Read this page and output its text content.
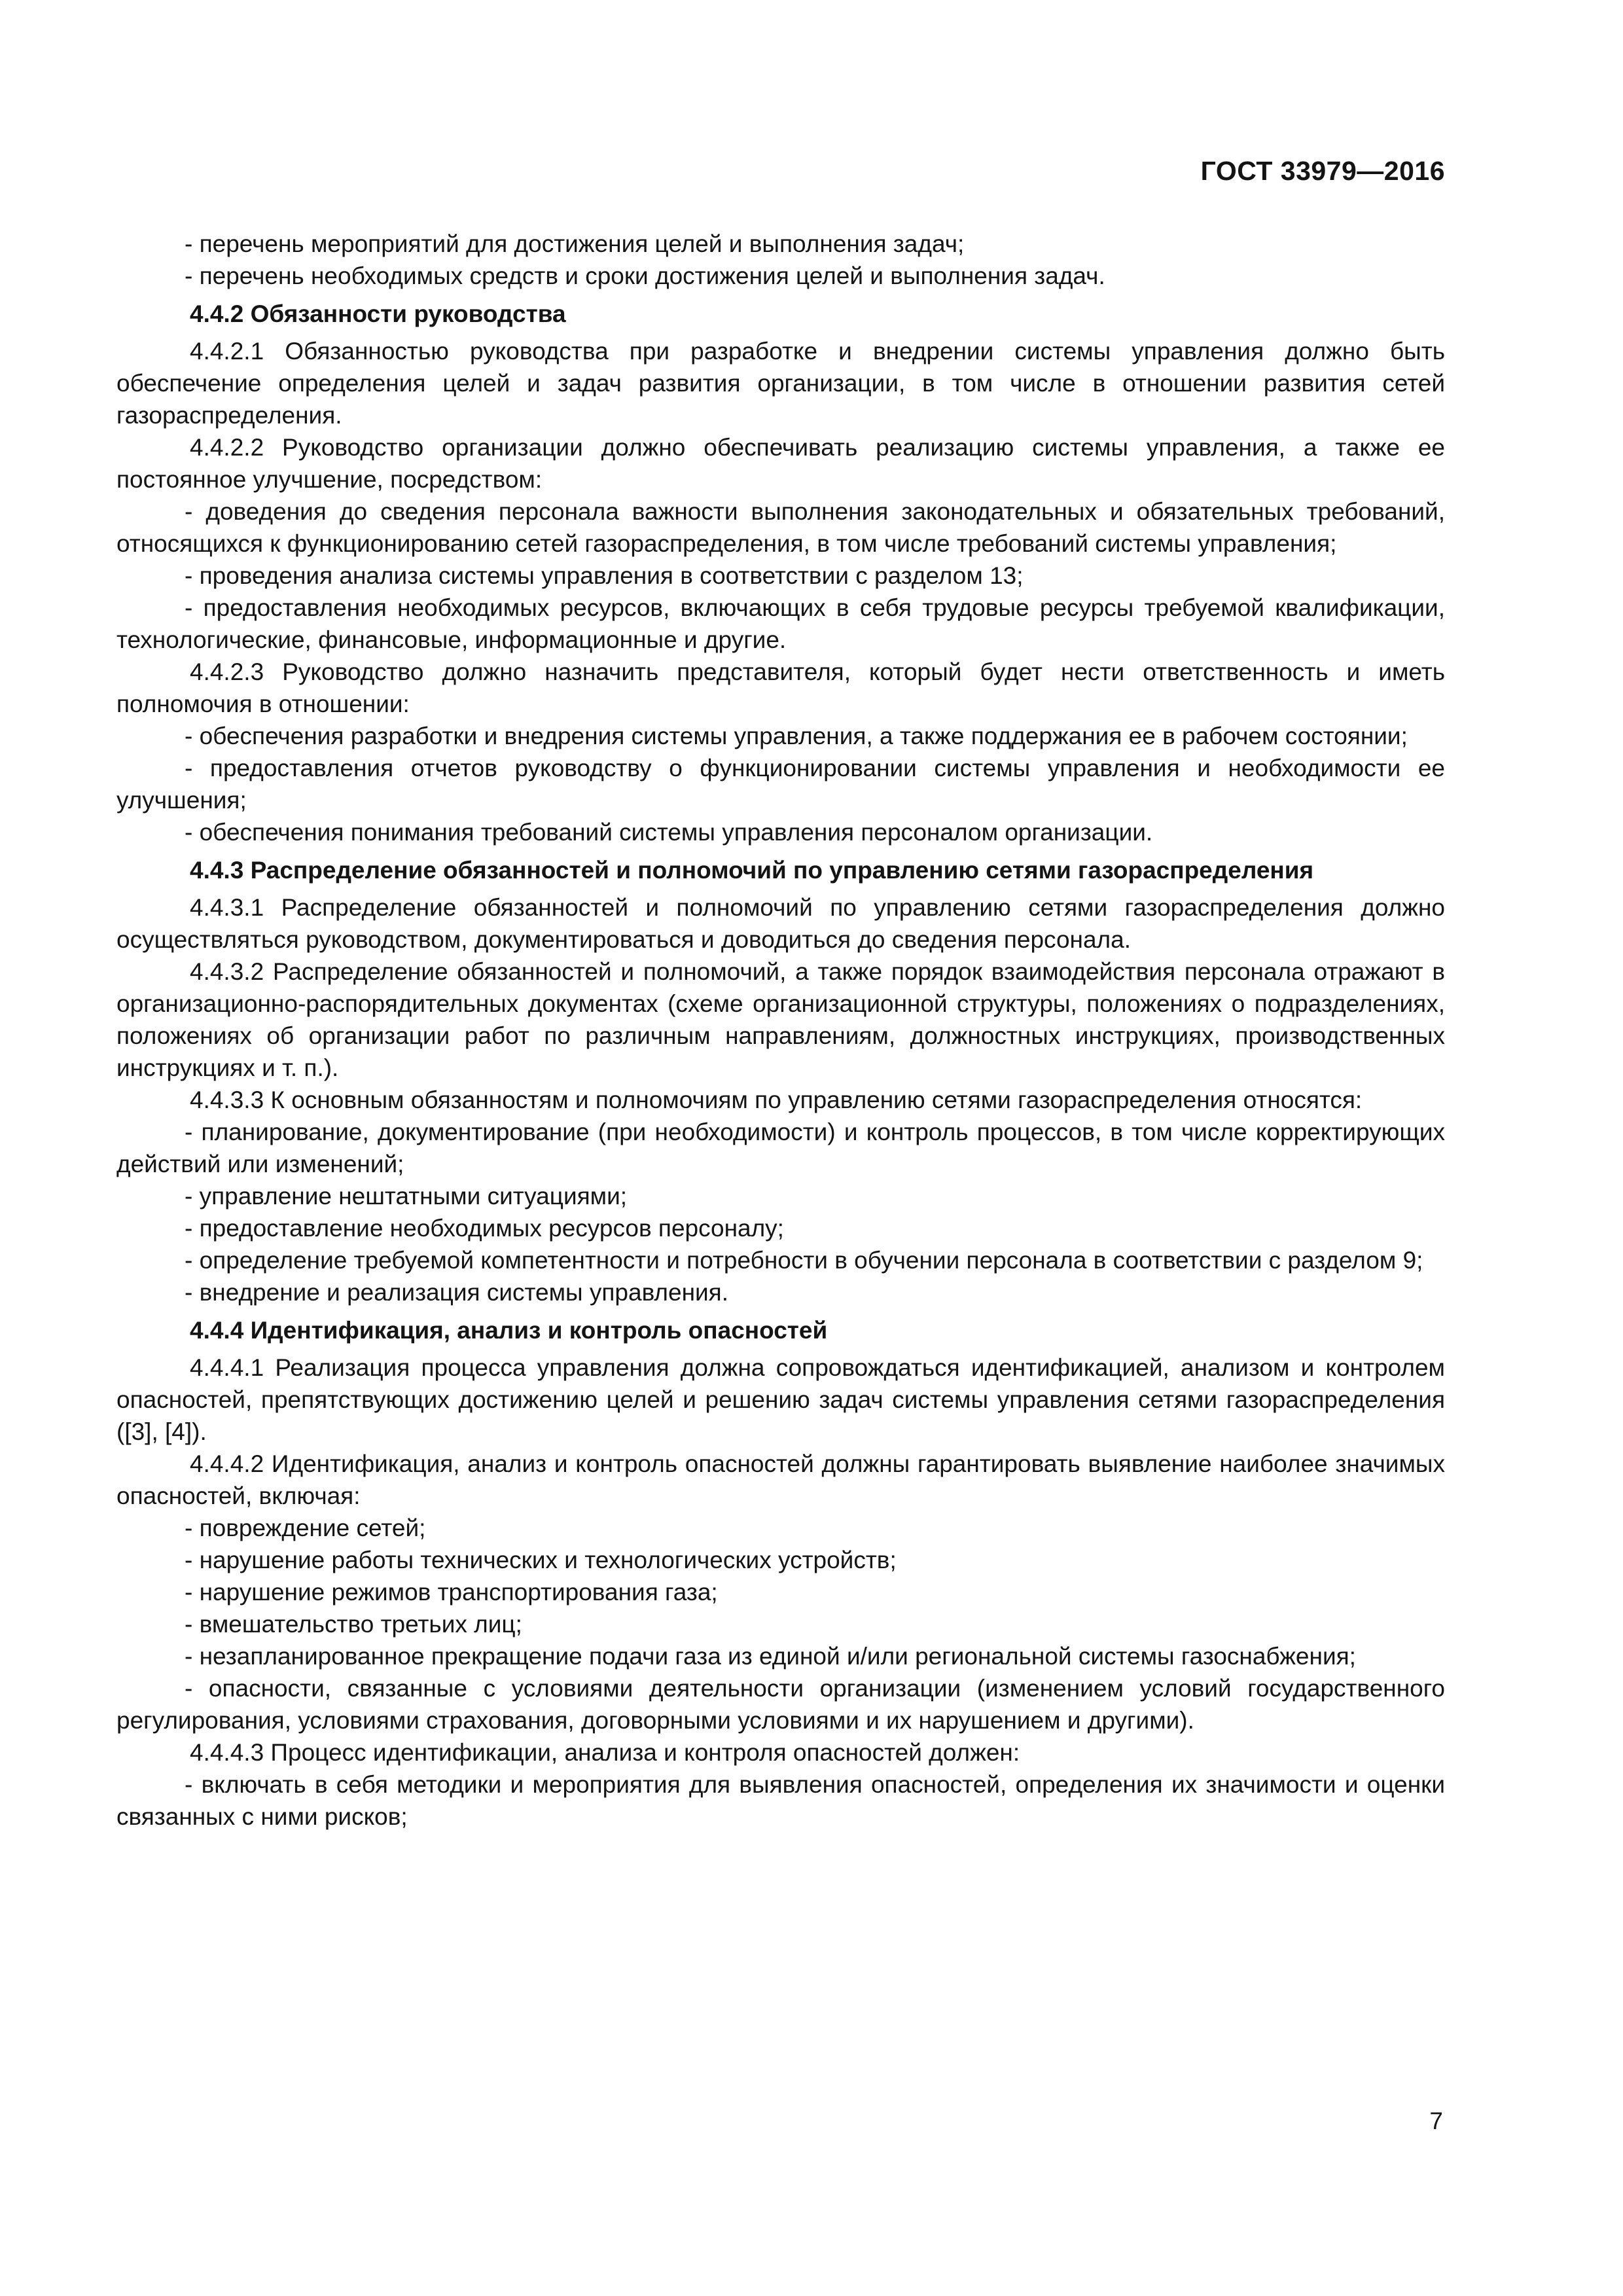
ГОСТ 33979—2016

- перечень мероприятий для достижения целей и выполнения задач;

- перечень необходимых средств и сроки достижения целей и выполнения задач.

4.4.2 Обязанности руководства

4.4.2.1 Обязанностью руководства при разработке и внедрении системы управления должно быть обеспечение определения целей и задач развития организации, в том числе в отношении развития сетей газораспределения.

4.4.2.2 Руководство организации должно обеспечивать реализацию системы управления, а также ее постоянное улучшение, посредством:

- доведения до сведения персонала важности выполнения законодательных и обязательных требований, относящихся к функционированию сетей газораспределения, в том числе требований системы управления;

- проведения анализа системы управления в соответствии с разделом 13;

- предоставления необходимых ресурсов, включающих в себя трудовые ресурсы требуемой квалификации, технологические, финансовые, информационные и другие.

4.4.2.3 Руководство должно назначить представителя, который будет нести ответственность и иметь полномочия в отношении:

- обеспечения разработки и внедрения системы управления, а также поддержания ее в рабочем состоянии;

- предоставления отчетов руководству о функционировании системы управления и необходимости ее улучшения;

- обеспечения понимания требований системы управления персоналом организации.

4.4.3 Распределение обязанностей и полномочий по управлению сетями газораспределения

4.4.3.1 Распределение обязанностей и полномочий по управлению сетями газораспределения должно осуществляться руководством, документироваться и доводиться до сведения персонала.

4.4.3.2 Распределение обязанностей и полномочий, а также порядок взаимодействия персонала отражают в организационно-распорядительных документах (схеме организационной структуры, положениях о подразделениях, положениях об организации работ по различным направлениям, должностных инструкциях, производственных инструкциях и т. п.).

4.4.3.3 К основным обязанностям и полномочиям по управлению сетями газораспределения относятся:

- планирование, документирование (при необходимости) и контроль процессов, в том числе корректирующих действий или изменений;

- управление нештатными ситуациями;

- предоставление необходимых ресурсов персоналу;

- определение требуемой компетентности и потребности в обучении персонала в соответствии с разделом 9;

- внедрение и реализация системы управления.

4.4.4 Идентификация, анализ и контроль опасностей

4.4.4.1 Реализация процесса управления должна сопровождаться идентификацией, анализом и контролем опасностей, препятствующих достижению целей и решению задач системы управления сетями газораспределения ([3], [4]).

4.4.4.2 Идентификация, анализ и контроль опасностей должны гарантировать выявление наиболее значимых опасностей, включая:

- повреждение сетей;

- нарушение работы технических и технологических устройств;

- нарушение режимов транспортирования газа;

- вмешательство третьих лиц;

- незапланированное прекращение подачи газа из единой и/или региональной системы газоснабжения;

- опасности, связанные с условиями деятельности организации (изменением условий государственного регулирования, условиями страхования, договорными условиями и их нарушением и другими).

4.4.4.3 Процесс идентификации, анализа и контроля опасностей должен:

- включать в себя методики и мероприятия для выявления опасностей, определения их значимости и оценки связанных с ними рисков;

7
